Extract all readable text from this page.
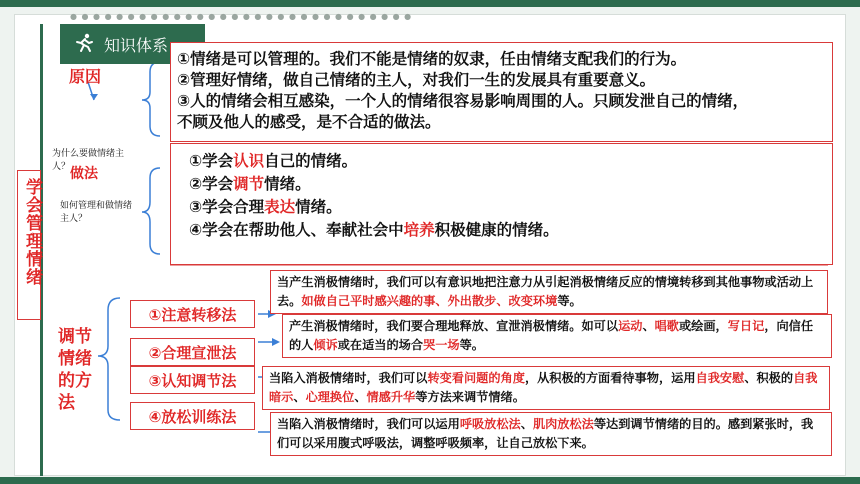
● ● ● ● ● ● ● ● ● ● ● ● ● ● ● ● ● ● ● ● ● ● ● ● ● ● ● ● ● ●
知识体系
学会管理情绪
原因
①情绪是可以管理的。我们不能是情绪的奴隶，任由情绪支配我们的行为。
②管理好情绪，做自己情绪的主人，对我们一生的发展具有重要意义。
③人的情绪会相互感染，一个人的情绪很容易影响周围的人。只顾发泄自己的情绪，
不顾及他人的感受，是不合适的做法。
为什么要做情绪主人？ 做法
如何管理和做情绪主人？
①学会认识自己的情绪。
②学会调节情绪。
③学会合理表达情绪。
④学会在帮助他人、奉献社会中培养积极健康的情绪。
调节情绪的方法
①注意转移法
②合理宣泄法
③认知调节法
④放松训练法
当产生消极情绪时，我们可以有意识地把注意力从引起消极情绪反应的情境转移到其他事物或活动上去。如做自己平时感兴趣的事、外出散步、改变环境等。
产生消极情绪时，我们要合理地释放、宣泄消极情绪。如可以运动、唱歌或绘画，写日记，向信任的人倾诉或在适当的场合哭一场等。
当陷入消极情绪时，我们可以转变看问题的角度，从积极的方面看待事物，运用自我安慰、积极的自我暗示、心理换位、情感升华等方法来调节情绪。
当陷入消极情绪时，我们可以运用呼吸放松法、肌肉放松法等达到调节情绪的目的。感到紧张时，我们可以采用腹式呼吸法，调整呼吸频率，让自己放松下来。
